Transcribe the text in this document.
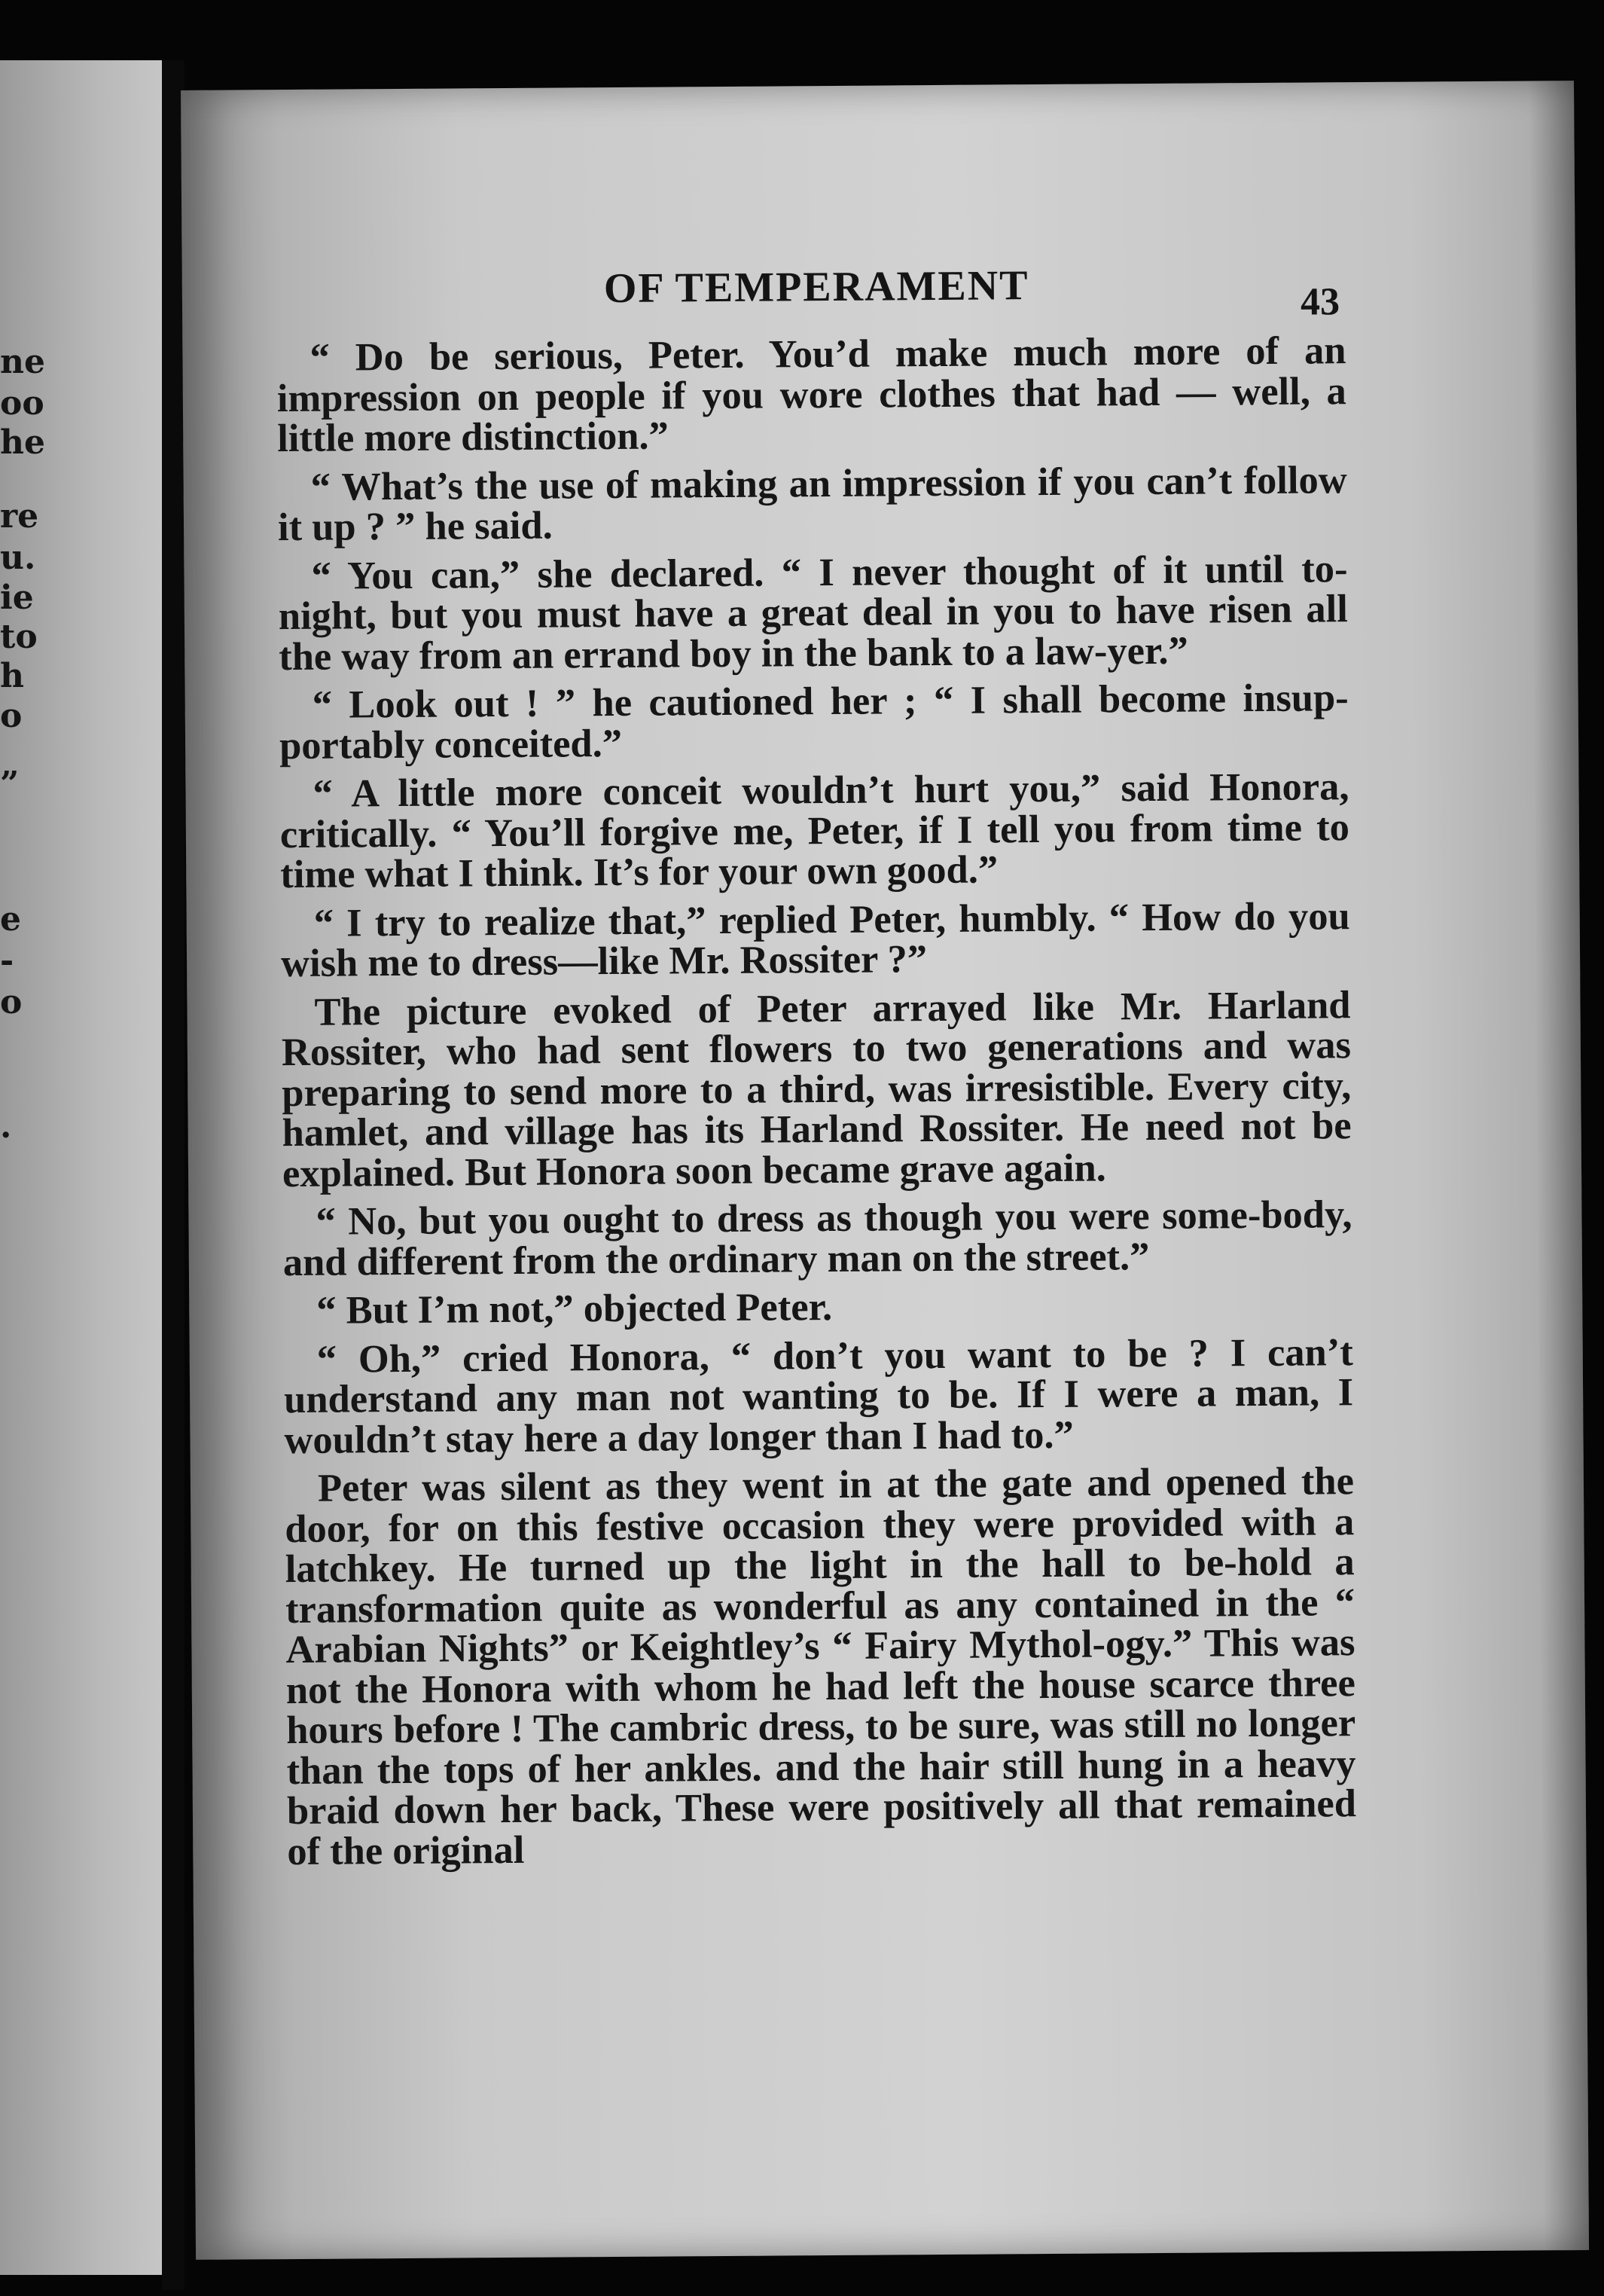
ne
oo
he
re
u.
ie
to
h
o
”
e
-
o
.
OF TEMPERAMENT	43

“ Do be serious, Peter. You’d make much more of an impression on people if you wore clothes that had — well, a little more distinction.”

“ What’s the use of making an impression if you can’t follow it up ? ” he said.

“ You can,” she declared. “ I never thought of it until to-night, but you must have a great deal in you to have risen all the way from an errand boy in the bank to a law-yer.”

“ Look out ! ” he cautioned her ; “ I shall become insup-portably conceited.”

“ A little more conceit wouldn’t hurt you,” said Honora, critically. “ You’ll forgive me, Peter, if I tell you from time to time what I think. It’s for your own good.”

“ I try to realize that,” replied Peter, humbly. “ How do you wish me to dress—like Mr. Rossiter ?”

The picture evoked of Peter arrayed like Mr. Harland Rossiter, who had sent flowers to two generations and was preparing to send more to a third, was irresistible. Every city, hamlet, and village has its Harland Rossiter. He need not be explained. But Honora soon became grave again.

“ No, but you ought to dress as though you were some-body, and different from the ordinary man on the street.”

“ But I’m not,” objected Peter.

“ Oh,” cried Honora, “ don’t you want to be ? I can’t understand any man not wanting to be. If I were a man, I wouldn’t stay here a day longer than I had to.”

Peter was silent as they went in at the gate and opened the door, for on this festive occasion they were provided with a latchkey. He turned up the light in the hall to be-hold a transformation quite as wonderful as any contained in the “ Arabian Nights” or Keightley’s “ Fairy Mythol-ogy.” This was not the Honora with whom he had left the house scarce three hours before ! The cambric dress, to be sure, was still no longer than the tops of her ankles. and the hair still hung in a heavy braid down her back, These were positively all that remained of the original
